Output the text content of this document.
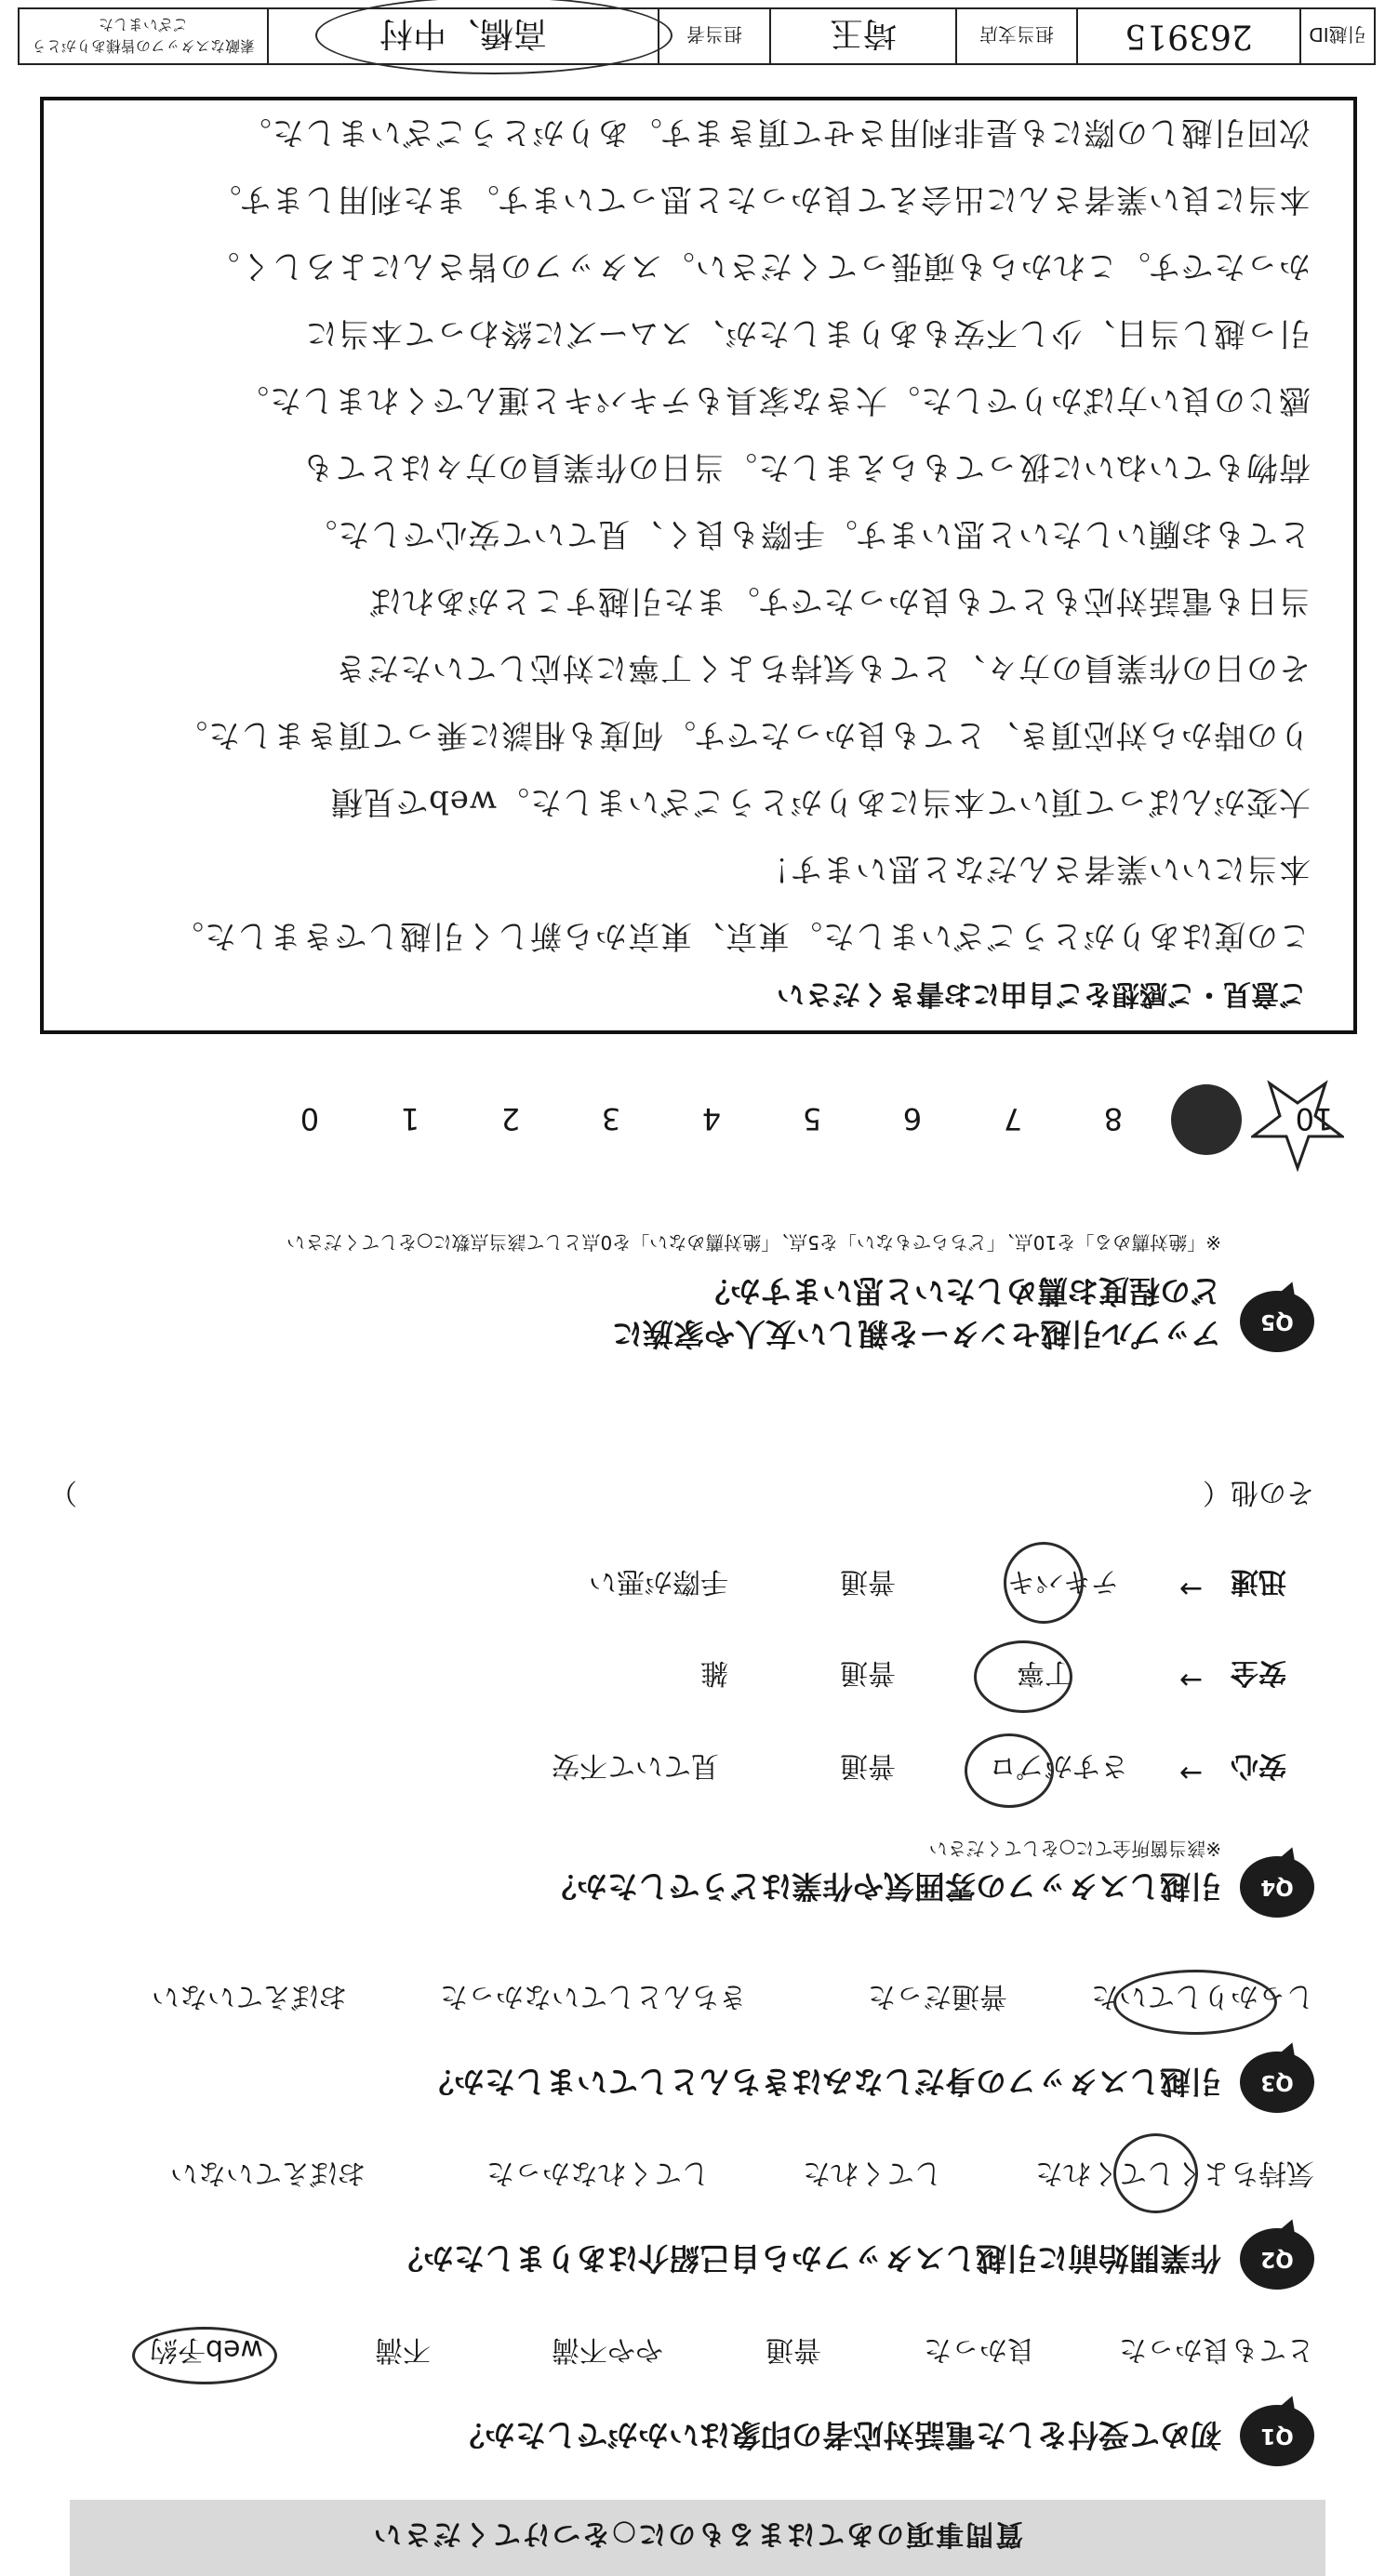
質問事項のあてはまるものに○をつけてください
Q1
初めて受付をした電話対応者の印象はいかがでしたか？
とても良かった
良かった
普通
やや不満
不満
web予約
Q2
作業開始前に引越しスタッフから自己紹介はありましたか？
気持ちよくしてくれた
してくれた
してくれなかった
おぼえていない
Q3
引越しスタッフの身だしなみはきちんとしていましたか？
しっかりしていた
普通だった
きちんとしていなかった
おぼえていない
Q4
引越しスタッフの雰囲気や作業はどうでしたか？
※該当箇所全てに○をしてください
安心
→
さすがプロ
普通
見ていて不安
安全
→
丁寧
普通
雑
迅速
→
テキパキ
普通
手際が悪い
その他（
）
Q5
アップル引越センターを親しい友人や家族に
どの程度お薦めしたいと思いますか？
※「絶対薦める」を10点、「どちらでもない」を5点、「絶対薦めない」を0点として該当点数に○をしてください
10
8
7
6
5
4
3
2
1
0
ご意見・ご感想をご自由にお書きください
この度はありがとうございました。東京、東京から新しく引越しできました。
本当にいい業者さんだなと思います！
大変がんばって頂いて本当にありがとうございました。webで見積
りの時から対応頂き、とても良かったです。何度も相談に乗って頂きました。
その日の作業員の方々、とても気持ちよく丁寧に対応していただき
当日も電話対応もとても良かったです。また引越すことがあれば
とてもお願いしたいと思います。手際も良く、見ていて安心でした。
荷物もていねいに扱ってもらえました。当日の作業員の方々はとても
感じの良い方ばかりでした。大きな家具もテキパキと運んでくれました。
引っ越し当日、少し不安もありましたが、スムーズに終わって本当に
かったです。これからも頑張ってください。スタッフの皆さんによろしく。
本当に良い業者さんに出会えて良かったと思っています。また利用します。
次回引越しの際にも是非利用させて頂きます。ありがとうございました。
引越ID
263915
担当支店
埼玉
担当者
高橋、中村
素敵なスタッフの皆様ありがとうございました
